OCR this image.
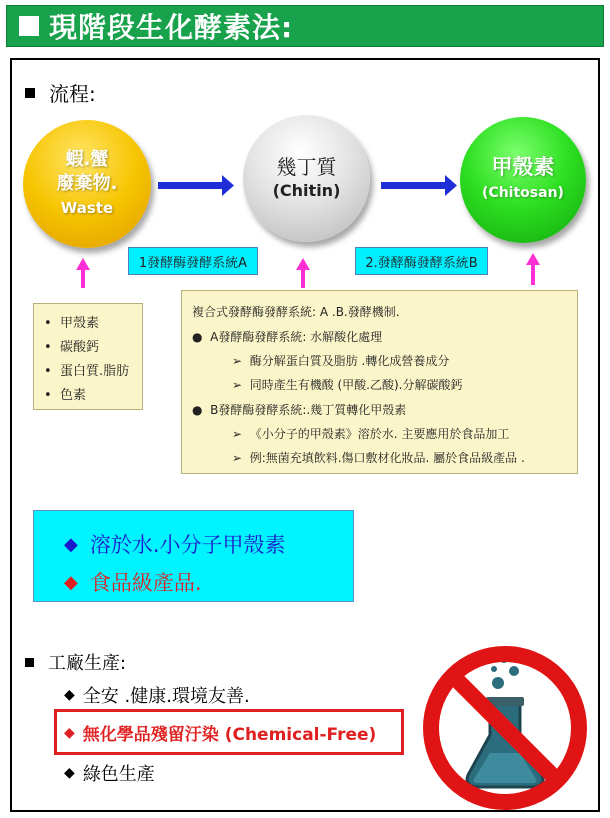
現階段生化酵素法:
流程:
蝦.蟹
廢棄物.
Waste
幾丁質
(Chitin)
甲殼素
(Chitosan)
1發酵酶發酵系統A	2.發酵酶發酵系統B
•  甲殼素
•  碳酸鈣
•  蛋白質.脂肪
•  色素
複合式發酵酶發酵系統: A .B.發酵機制.
●  A發酵酶發酵系統: 水解酸化處理
➢  酶分解蛋白質及脂肪 .轉化成營養成分
➢  同時產生有機酸 (甲酸.乙酸).分解碳酸鈣
●  B發酵酶發酵系統:.幾丁質轉化甲殼素
➢  《小分子的甲殼素》溶於水. 主要應用於食品加工
➢  例:無菌充填飲料.傷口敷材化妝品. 屬於食品級產品 .
◆ 溶於水.小分子甲殼素
◆ 食品級產品.
工廠生產:
◆ 全安 .健康.環境友善.
◆ 無化學品殘留汙染 (Chemical-Free)
◆ 綠色生產
